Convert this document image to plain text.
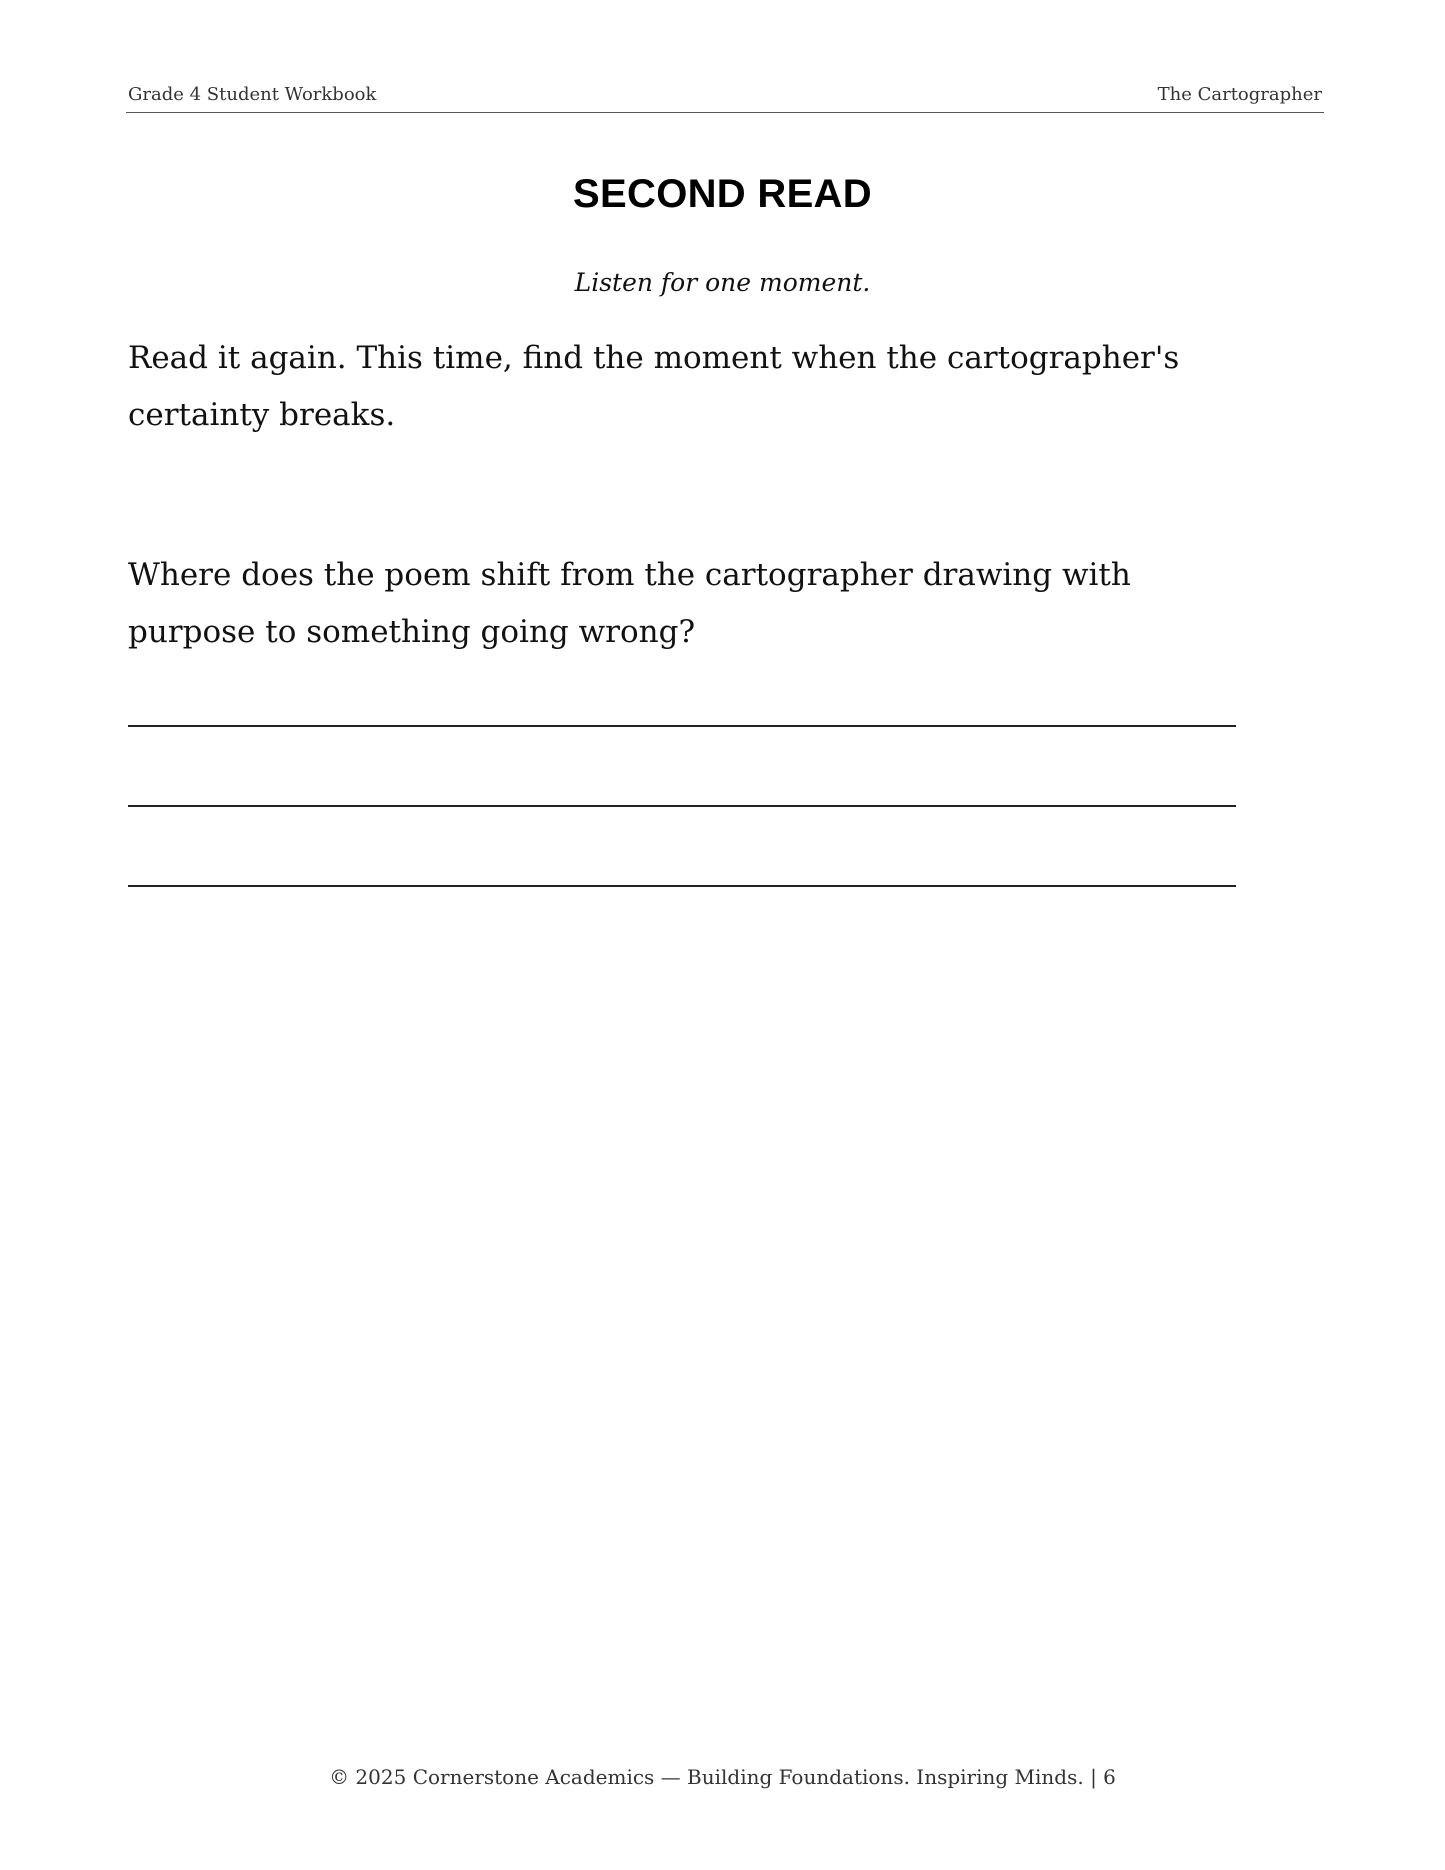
Grade 4 Student Workbook	The Cartographer
SECOND READ
Listen for one moment.

Read it again. This time, find the moment when the cartographer's certainty breaks.

Where does the poem shift from the cartographer drawing with purpose to something going wrong?

© 2025 Cornerstone Academics — Building Foundations. Inspiring Minds. | 6
